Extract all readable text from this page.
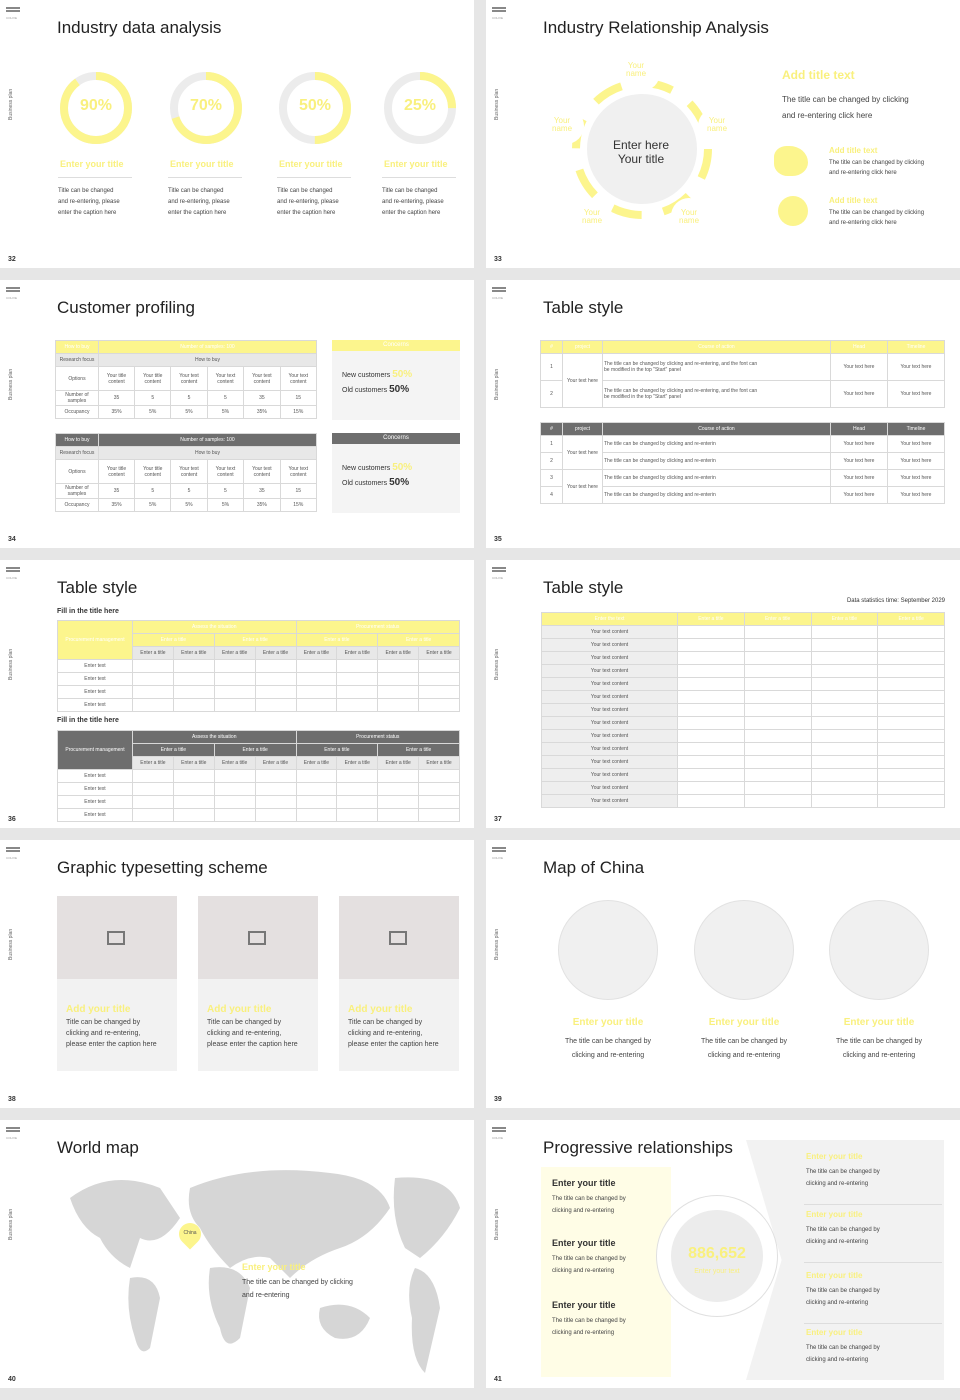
COLIVE
Business plan
Industry data analysis
90%
Enter your title
Title can be changed
and re-entering, please
enter the caption here
70%
Enter your title
Title can be changed
and re-entering, please
enter the caption here
50%
Enter your title
Title can be changed
and re-entering, please
enter the caption here
25%
Enter your title
Title can be changed
and re-entering, please
enter the caption here
32
COLIVE
Business plan
Industry Relationship Analysis
Enter here
Your title
Your
name
Your
name
Your
name
Your
name
Your
name
Add title text
The title can be changed by clicking
and re-entering click here
Add title text
The title can be changed by clicking
and re-entering click here
Add title text
The title can be changed by clicking
and re-entering click here
33
COLIVE
Business plan
Customer profiling
How to buy	Number of samples: 100					
Research focus	How to buy					
Options	Your title content	Your title content	Your text content	Your text content	Your text content	Your text content
Number of samples	35	5	5	5	35	15
Occupancy	35%	5%	5%	5%	35%	15%
Concerns
New customers 50%
Old customers 50%
How to buy	Number of samples: 100					
Research focus	How to buy					
Options	Your title content	Your title content	Your text content	Your text content	Your text content	Your text content
Number of samples	35	5	5	5	35	15
Occupancy	35%	5%	5%	5%	35%	15%
Concerns
New customers 50%
Old customers 50%
34
COLIVE
Business plan
Table style
#	project	Course of action	Head	Timeline
1	Your text here	The title can be changed by clicking and re-entering, and the font can
be modified in the top "Start" panel	Your text here	Your text here
2		The title can be changed by clicking and re-entering, and the font can
be modified in the top "Start" panel	Your text here	Your text here
#	project	Course of action	Head	Timeline
1	Your text here	The title can be changed by clicking and re-enterin	Your text here	Your text here
2		The title can be changed by clicking and re-enterin	Your text here	Your text here
3	Your text here	The title can be changed by clicking and re-enterin	Your text here	Your text here
4		The title can be changed by clicking and re-enterin	Your text here	Your text here
35
COLIVE
Business plan
Table style
Fill in the title here
Procurement management	Assess the situation				Procurement status			
	Enter a title		Enter a title		Enter a title		Enter a title	
	Enter a title	Enter a title	Enter a title	Enter a title	Enter a title	Enter a title	Enter a title	Enter a title
Enter text								
Enter text								
Enter text								
Enter text								
Fill in the title here
Procurement management	Assess the situation				Procurement status			
	Enter a title		Enter a title		Enter a title		Enter a title	
	Enter a title	Enter a title	Enter a title	Enter a title	Enter a title	Enter a title	Enter a title	Enter a title
Enter text								
Enter text								
Enter text								
Enter text								
36
COLIVE
Business plan
Table style
Data statistics time: September 2029
Enter the text	Enter a title	Enter a title	Enter a title	Enter a title
Your text content				
Your text content				
Your text content				
Your text content				
Your text content				
Your text content				
Your text content				
Your text content				
Your text content				
Your text content				
Your text content				
Your text content				
Your text content				
Your text content				
37
COLIVE
Business plan
Graphic typesetting scheme
Add your title
Title can be changed by
clicking and re-entering,
please enter the caption here
Add your title
Title can be changed by
clicking and re-entering,
please enter the caption here
Add your title
Title can be changed by
clicking and re-entering,
please enter the caption here
38
COLIVE
Business plan
Map of China
Enter your title
The title can be changed by
clicking and re-entering
Enter your title
The title can be changed by
clicking and re-entering
Enter your title
The title can be changed by
clicking and re-entering
39
COLIVE
Business plan
World map
China
Enter your title
The title can be changed by clicking
and re-entering
40
COLIVE
Business plan
Progressive relationships
886,652
Enter your text
Enter your title
The title can be changed by
clicking and re-entering
Enter your title
The title can be changed by
clicking and re-entering
Enter your title
The title can be changed by
clicking and re-entering
Enter your title
The title can be changed by
clicking and re-entering
Enter your title
The title can be changed by
clicking and re-entering
Enter your title
The title can be changed by
clicking and re-entering
Enter your title
The title can be changed by
clicking and re-entering
41
